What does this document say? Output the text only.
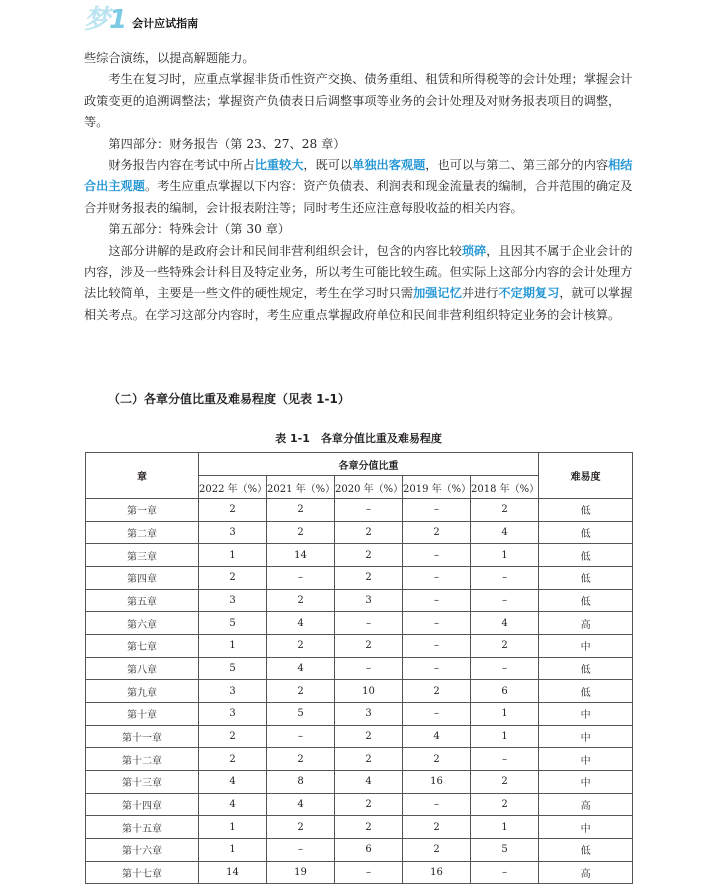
梦1 会计应试指南

些综合演练，以提高解题能力。

考生在复习时，应重点掌握非货币性资产交换、债务重组、租赁和所得税等的会计处理；掌握会计政策变更的追溯调整法；掌握资产负债表日后调整事项等业务的会计处理及对财务报表项目的调整，等。

第四部分：财务报告（第 23、27、28 章）

财务报告内容在考试中所占比重较大，既可以单独出客观题，也可以与第二、第三部分的内容相结合出主观题。考生应重点掌握以下内容：资产负债表、利润表和现金流量表的编制，合并范围的确定及合并财务报表的编制，会计报表附注等；同时考生还应注意每股收益的相关内容。

第五部分：特殊会计（第 30 章）

这部分讲解的是政府会计和民间非营利组织会计，包含的内容比较琐碎，且因其不属于企业会计的内容，涉及一些特殊会计科目及特定业务，所以考生可能比较生疏。但实际上这部分内容的会计处理方法比较简单，主要是一些文件的硬性规定，考生在学习时只需加强记忆并进行不定期复习，就可以掌握相关考点。在学习这部分内容时，考生应重点掌握政府单位和民间非营利组织特定业务的会计核算。

（二）各章分值比重及难易程度（见表 1-1）
表 1-1　各章分值比重及难易程度
章	各章分值比重					难易度
	2022 年（%）	2021 年（%）	2020 年（%）	2019 年（%）	2018 年（%）	
第一章	2	2	–	–	2	低
第二章	3	2	2	2	4	低
第三章	1	14	2	–	1	低
第四章	2	–	2	–	–	低
第五章	3	2	3	–	–	低
第六章	5	4	–	–	4	高
第七章	1	2	2	–	2	中
第八章	5	4	–	–	–	低
第九章	3	2	10	2	6	低
第十章	3	5	3	–	1	中
第十一章	2	–	2	4	1	中
第十二章	2	2	2	2	–	中
第十三章	4	8	4	16	2	中
第十四章	4	4	2	–	2	高
第十五章	1	2	2	2	1	中
第十六章	1	–	6	2	5	低
第十七章	14	19	–	16	–	高
